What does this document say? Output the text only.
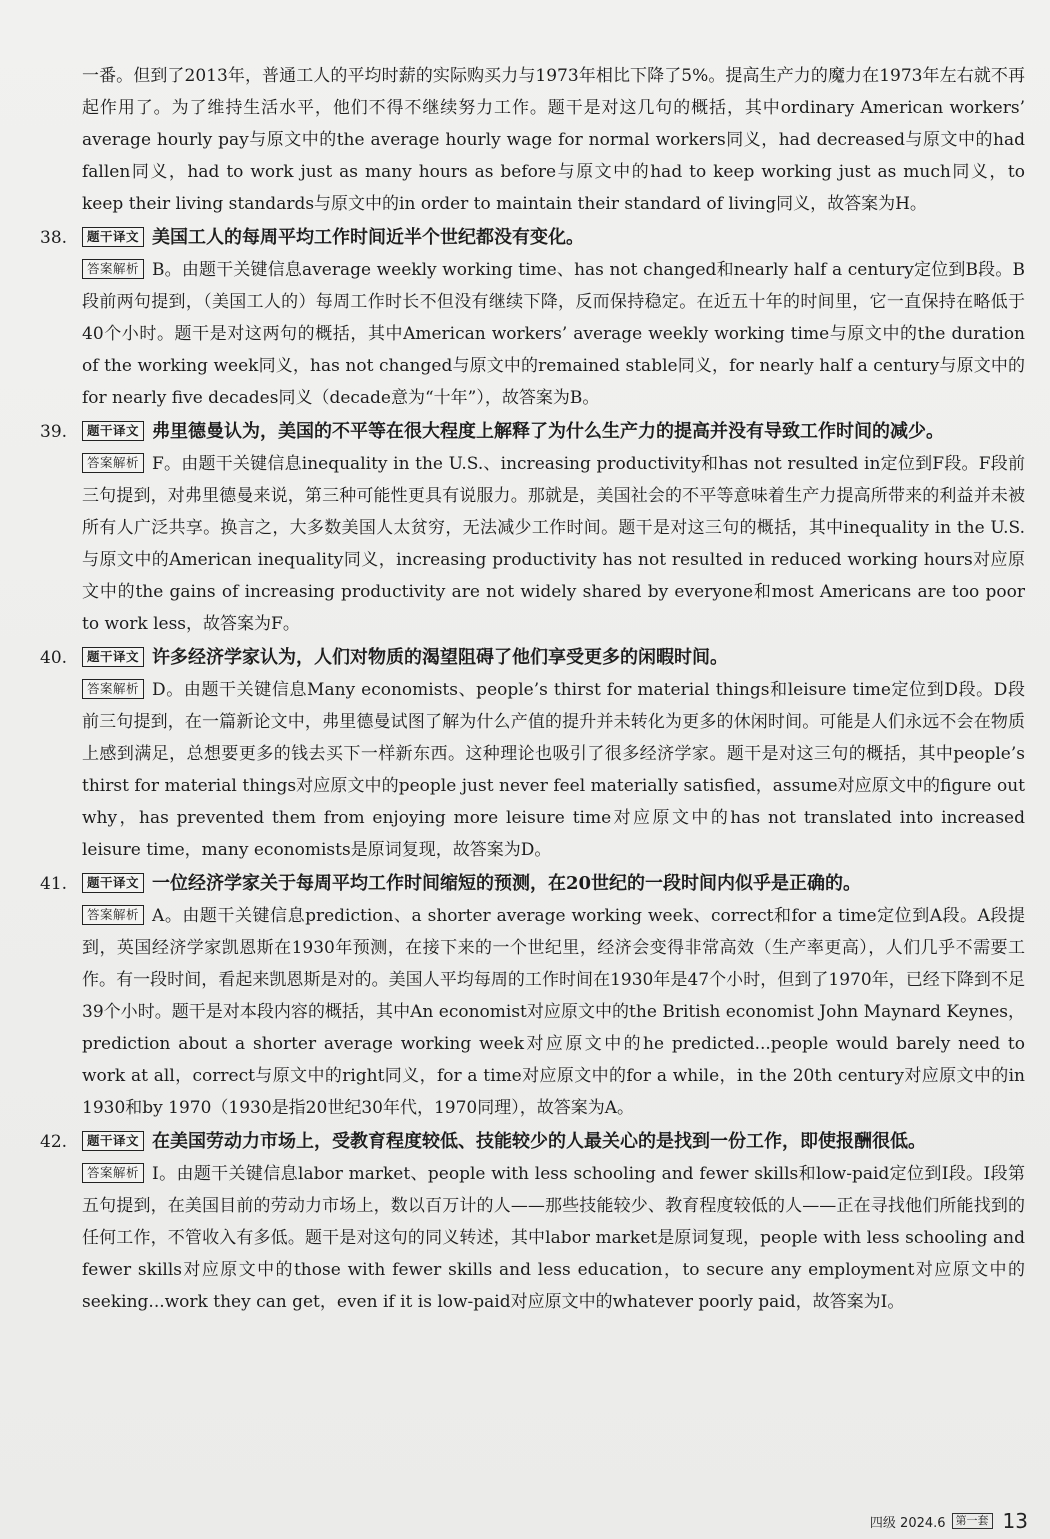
一番。但到了2013年，普通工人的平均时薪的实际购买力与1973年相比下降了5%。提高生产力的魔力在1973年左右就不再起作用了。为了维持生活水平，他们不得不继续努力工作。题干是对这几句的概括，其中ordinary American workers’ average hourly pay与原文中的the average hourly wage for normal workers同义，had decreased与原文中的had fallen同义，had to work just as many hours as before与原文中的had to keep working just as much同义，to keep their living standards与原文中的in order to maintain their standard of living同义，故答案为H。
38. 题干译文 美国工人的每周平均工作时间近半个世纪都没有变化。
答案解析 B。由题干关键信息average weekly working time、has not changed和nearly half a century定位到B段。B段前两句提到，（美国工人的）每周工作时长不但没有继续下降，反而保持稳定。在近五十年的时间里，它一直保持在略低于40个小时。题干是对这两句的概括，其中American workers’ average weekly working time与原文中的the duration of the working week同义，has not changed与原文中的remained stable同义，for nearly half a century与原文中的for nearly five decades同义（decade意为“十年”），故答案为B。
39. 题干译文 弗里德曼认为，美国的不平等在很大程度上解释了为什么生产力的提高并没有导致工作时间的减少。
答案解析 F。由题干关键信息inequality in the U.S.、increasing productivity和has not resulted in定位到F段。F段前三句提到，对弗里德曼来说，第三种可能性更具有说服力。那就是，美国社会的不平等意味着生产力提高所带来的利益并未被所有人广泛共享。换言之，大多数美国人太贫穷，无法减少工作时间。题干是对这三句的概括，其中inequality in the U.S.与原文中的American inequality同义，increasing productivity has not resulted in reduced working hours对应原文中的the gains of increasing productivity are not widely shared by everyone和most Americans are too poor to work less，故答案为F。
40. 题干译文 许多经济学家认为，人们对物质的渴望阻碍了他们享受更多的闲暇时间。
答案解析 D。由题干关键信息Many economists、people’s thirst for material things和leisure time定位到D段。D段前三句提到，在一篇新论文中，弗里德曼试图了解为什么产值的提升并未转化为更多的休闲时间。可能是人们永远不会在物质上感到满足，总想要更多的钱去买下一样新东西。这种理论也吸引了很多经济学家。题干是对这三句的概括，其中people’s thirst for material things对应原文中的people just never feel materially satisfied，assume对应原文中的figure out why，has prevented them from enjoying more leisure time对应原文中的has not translated into increased leisure time，many economists是原词复现，故答案为D。
41. 题干译文 一位经济学家关于每周平均工作时间缩短的预测，在20世纪的一段时间内似乎是正确的。
答案解析 A。由题干关键信息prediction、a shorter average working week、correct和for a time定位到A段。A段提到，英国经济学家凯恩斯在1930年预测，在接下来的一个世纪里，经济会变得非常高效（生产率更高），人们几乎不需要工作。有一段时间，看起来凯恩斯是对的。美国人平均每周的工作时间在1930年是47个小时，但到了1970年，已经下降到不足39个小时。题干是对本段内容的概括，其中An economist对应原文中的the British economist John Maynard Keynes，prediction about a shorter average working week对应原文中的he predicted...people would barely need to work at all，correct与原文中的right同义，for a time对应原文中的for a while，in the 20th century对应原文中的in 1930和by 1970（1930是指20世纪30年代，1970同理），故答案为A。
42. 题干译文 在美国劳动力市场上，受教育程度较低、技能较少的人最关心的是找到一份工作，即使报酬很低。
答案解析 I。由题干关键信息labor market、people with less schooling and fewer skills和low-paid定位到I段。I段第五句提到，在美国目前的劳动力市场上，数以百万计的人——那些技能较少、教育程度较低的人——正在寻找他们所能找到的任何工作，不管收入有多低。题干是对这句的同义转述，其中labor market是原词复现，people with less schooling and fewer skills对应原文中的those with fewer skills and less education，to secure any employment对应原文中的seeking...work they can get，even if it is low-paid对应原文中的whatever poorly paid，故答案为I。
四级 2024.6 第一套 13
